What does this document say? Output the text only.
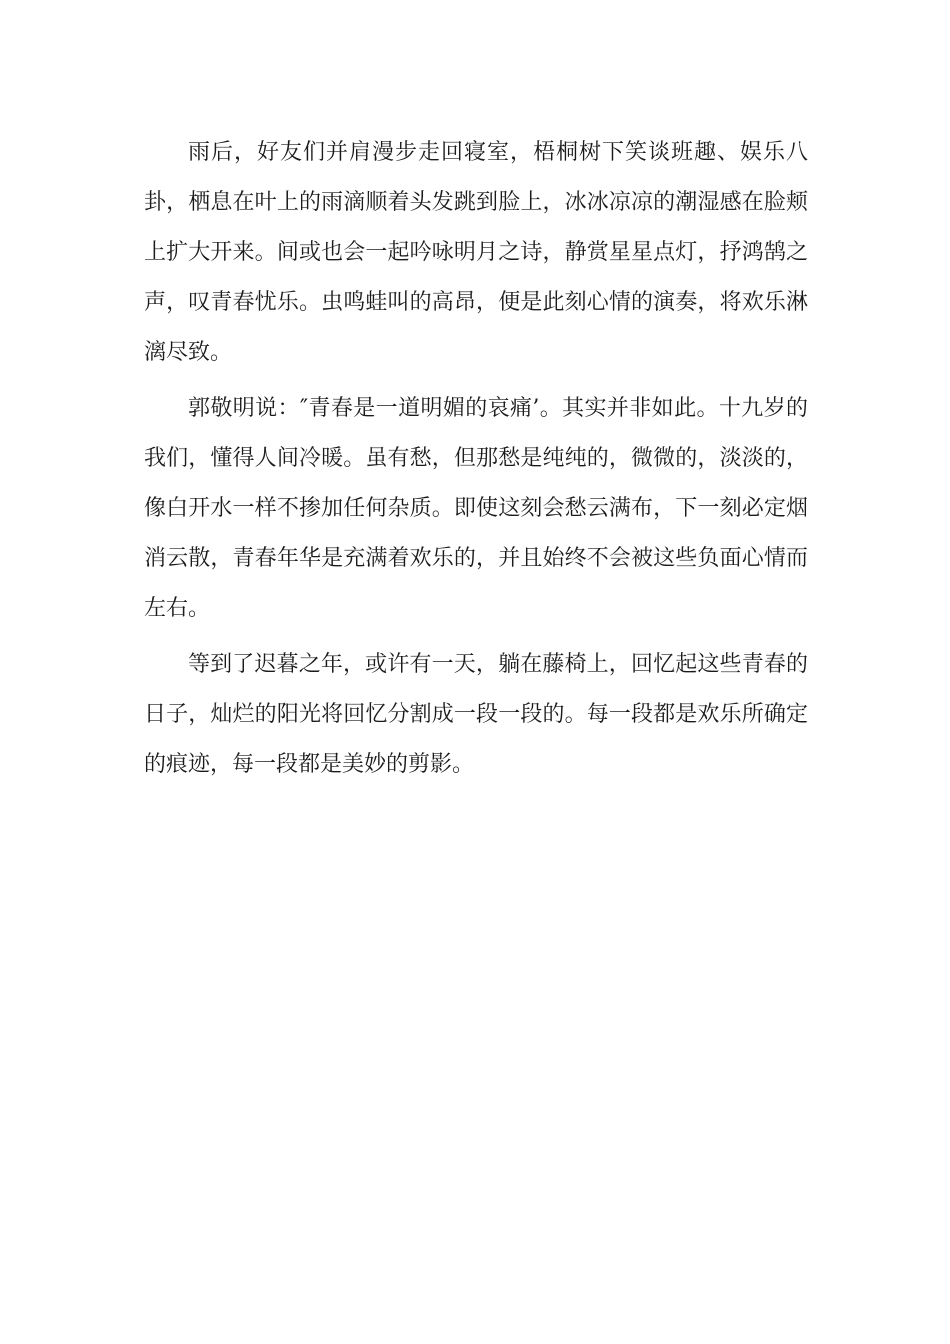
雨后，好友们并肩漫步走回寝室，梧桐树下笑谈班趣、娱乐八卦，栖息在叶上的雨滴顺着头发跳到脸上，冰冰凉凉的潮湿感在脸颊上扩大开来。间或也会一起吟咏明月之诗，静赏星星点灯，抒鸿鹄之声，叹青春忧乐。虫鸣蛙叫的高昂，便是此刻心情的演奏，将欢乐淋漓尽致。

郭敬明说：″青春是一道明媚的哀痛’。其实并非如此。十九岁的我们，懂得人间冷暖。虽有愁，但那愁是纯纯的，微微的，淡淡的，像白开水一样不掺加任何杂质。即使这刻会愁云满布，下一刻必定烟消云散，青春年华是充满着欢乐的，并且始终不会被这些负面心情而左右。

等到了迟暮之年，或许有一天，躺在藤椅上，回忆起这些青春的日子，灿烂的阳光将回忆分割成一段一段的。每一段都是欢乐所确定的痕迹，每一段都是美妙的剪影。
